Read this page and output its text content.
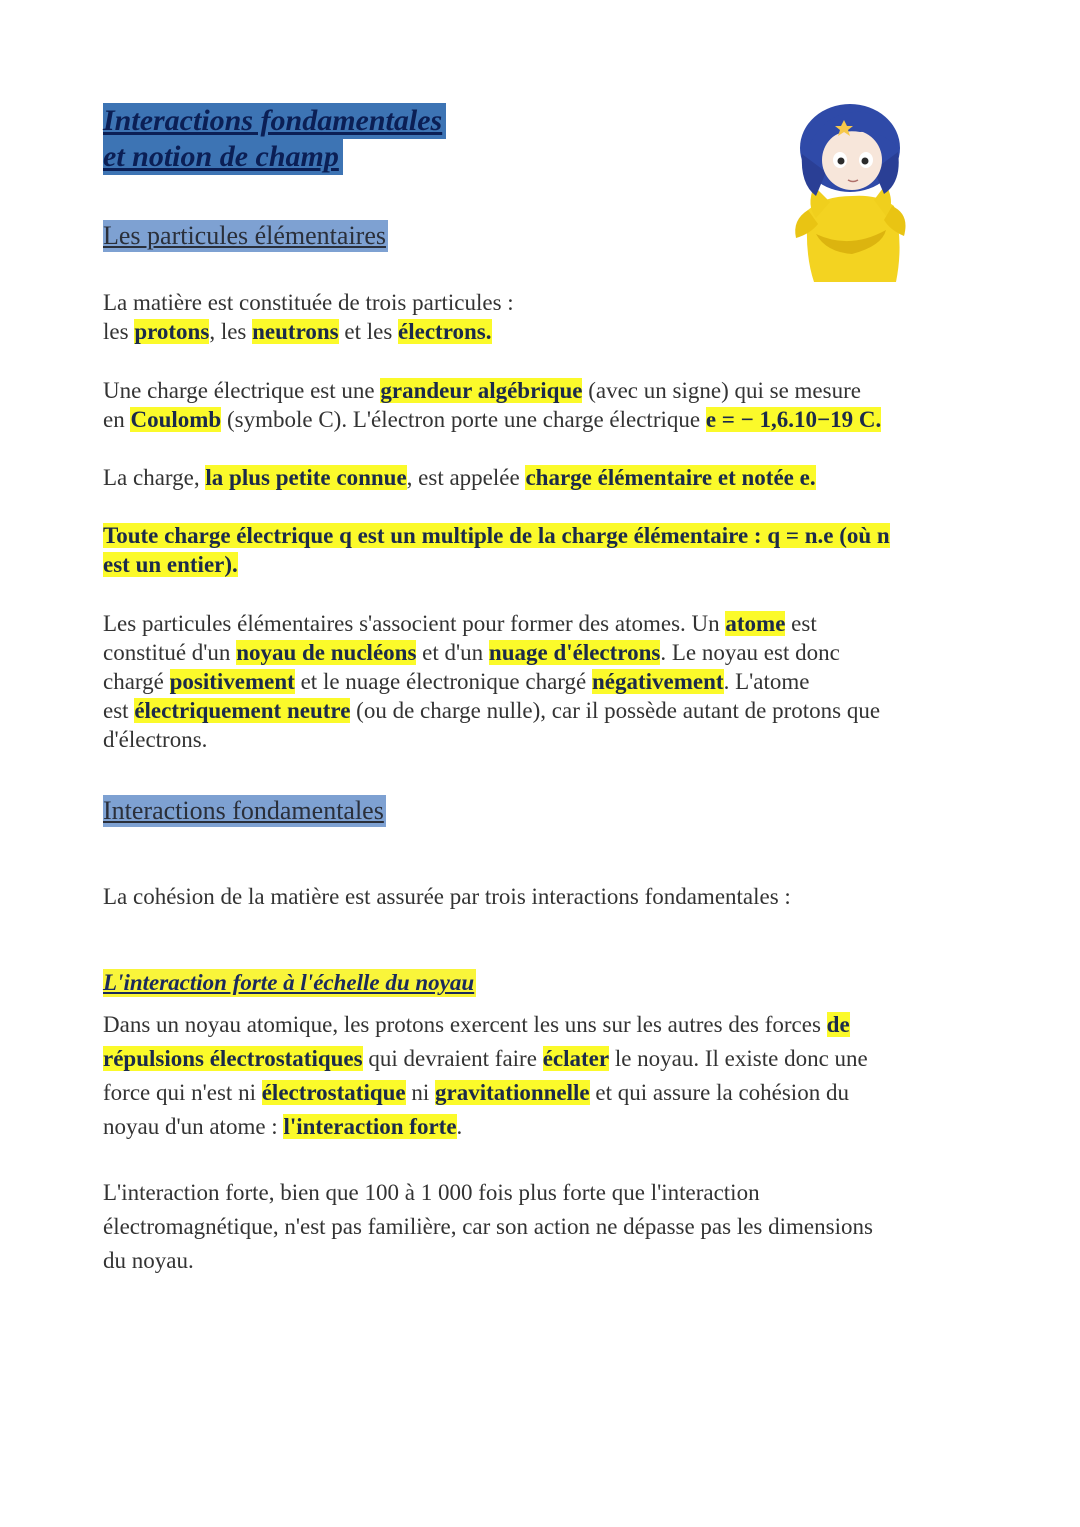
Interactions fondamentales
et notion de champ
Les particules élémentaires

La matière est constituée de trois particules :
les protons, les neutrons et les électrons.

Une charge électrique est une grandeur algébrique (avec un signe) qui se mesure
en Coulomb (symbole C). L'électron porte une charge électrique e = − 1,6.10−19 C.

La charge, la plus petite connue, est appelée charge élémentaire et notée e.

Toute charge électrique q est un multiple de la charge élémentaire : q = n.e (où n
est un entier).

Les particules élémentaires s'associent pour former des atomes. Un atome est
constitué d'un noyau de nucléons et d'un nuage d'électrons. Le noyau est donc
chargé positivement et le nuage électronique chargé négativement. L'atome
est électriquement neutre (ou de charge nulle), car il possède autant de protons que
d'électrons.

Interactions fondamentales

La cohésion de la matière est assurée par trois interactions fondamentales :

L'interaction forte à l'échelle du noyau

Dans un noyau atomique, les protons exercent les uns sur les autres des forces de
répulsions électrostatiques qui devraient faire éclater le noyau. Il existe donc une
force qui n'est ni électrostatique ni gravitationnelle et qui assure la cohésion du
noyau d'un atome : l'interaction forte.

L'interaction forte, bien que 100 à 1 000 fois plus forte que l'interaction
électromagnétique, n'est pas familière, car son action ne dépasse pas les dimensions
du noyau.
